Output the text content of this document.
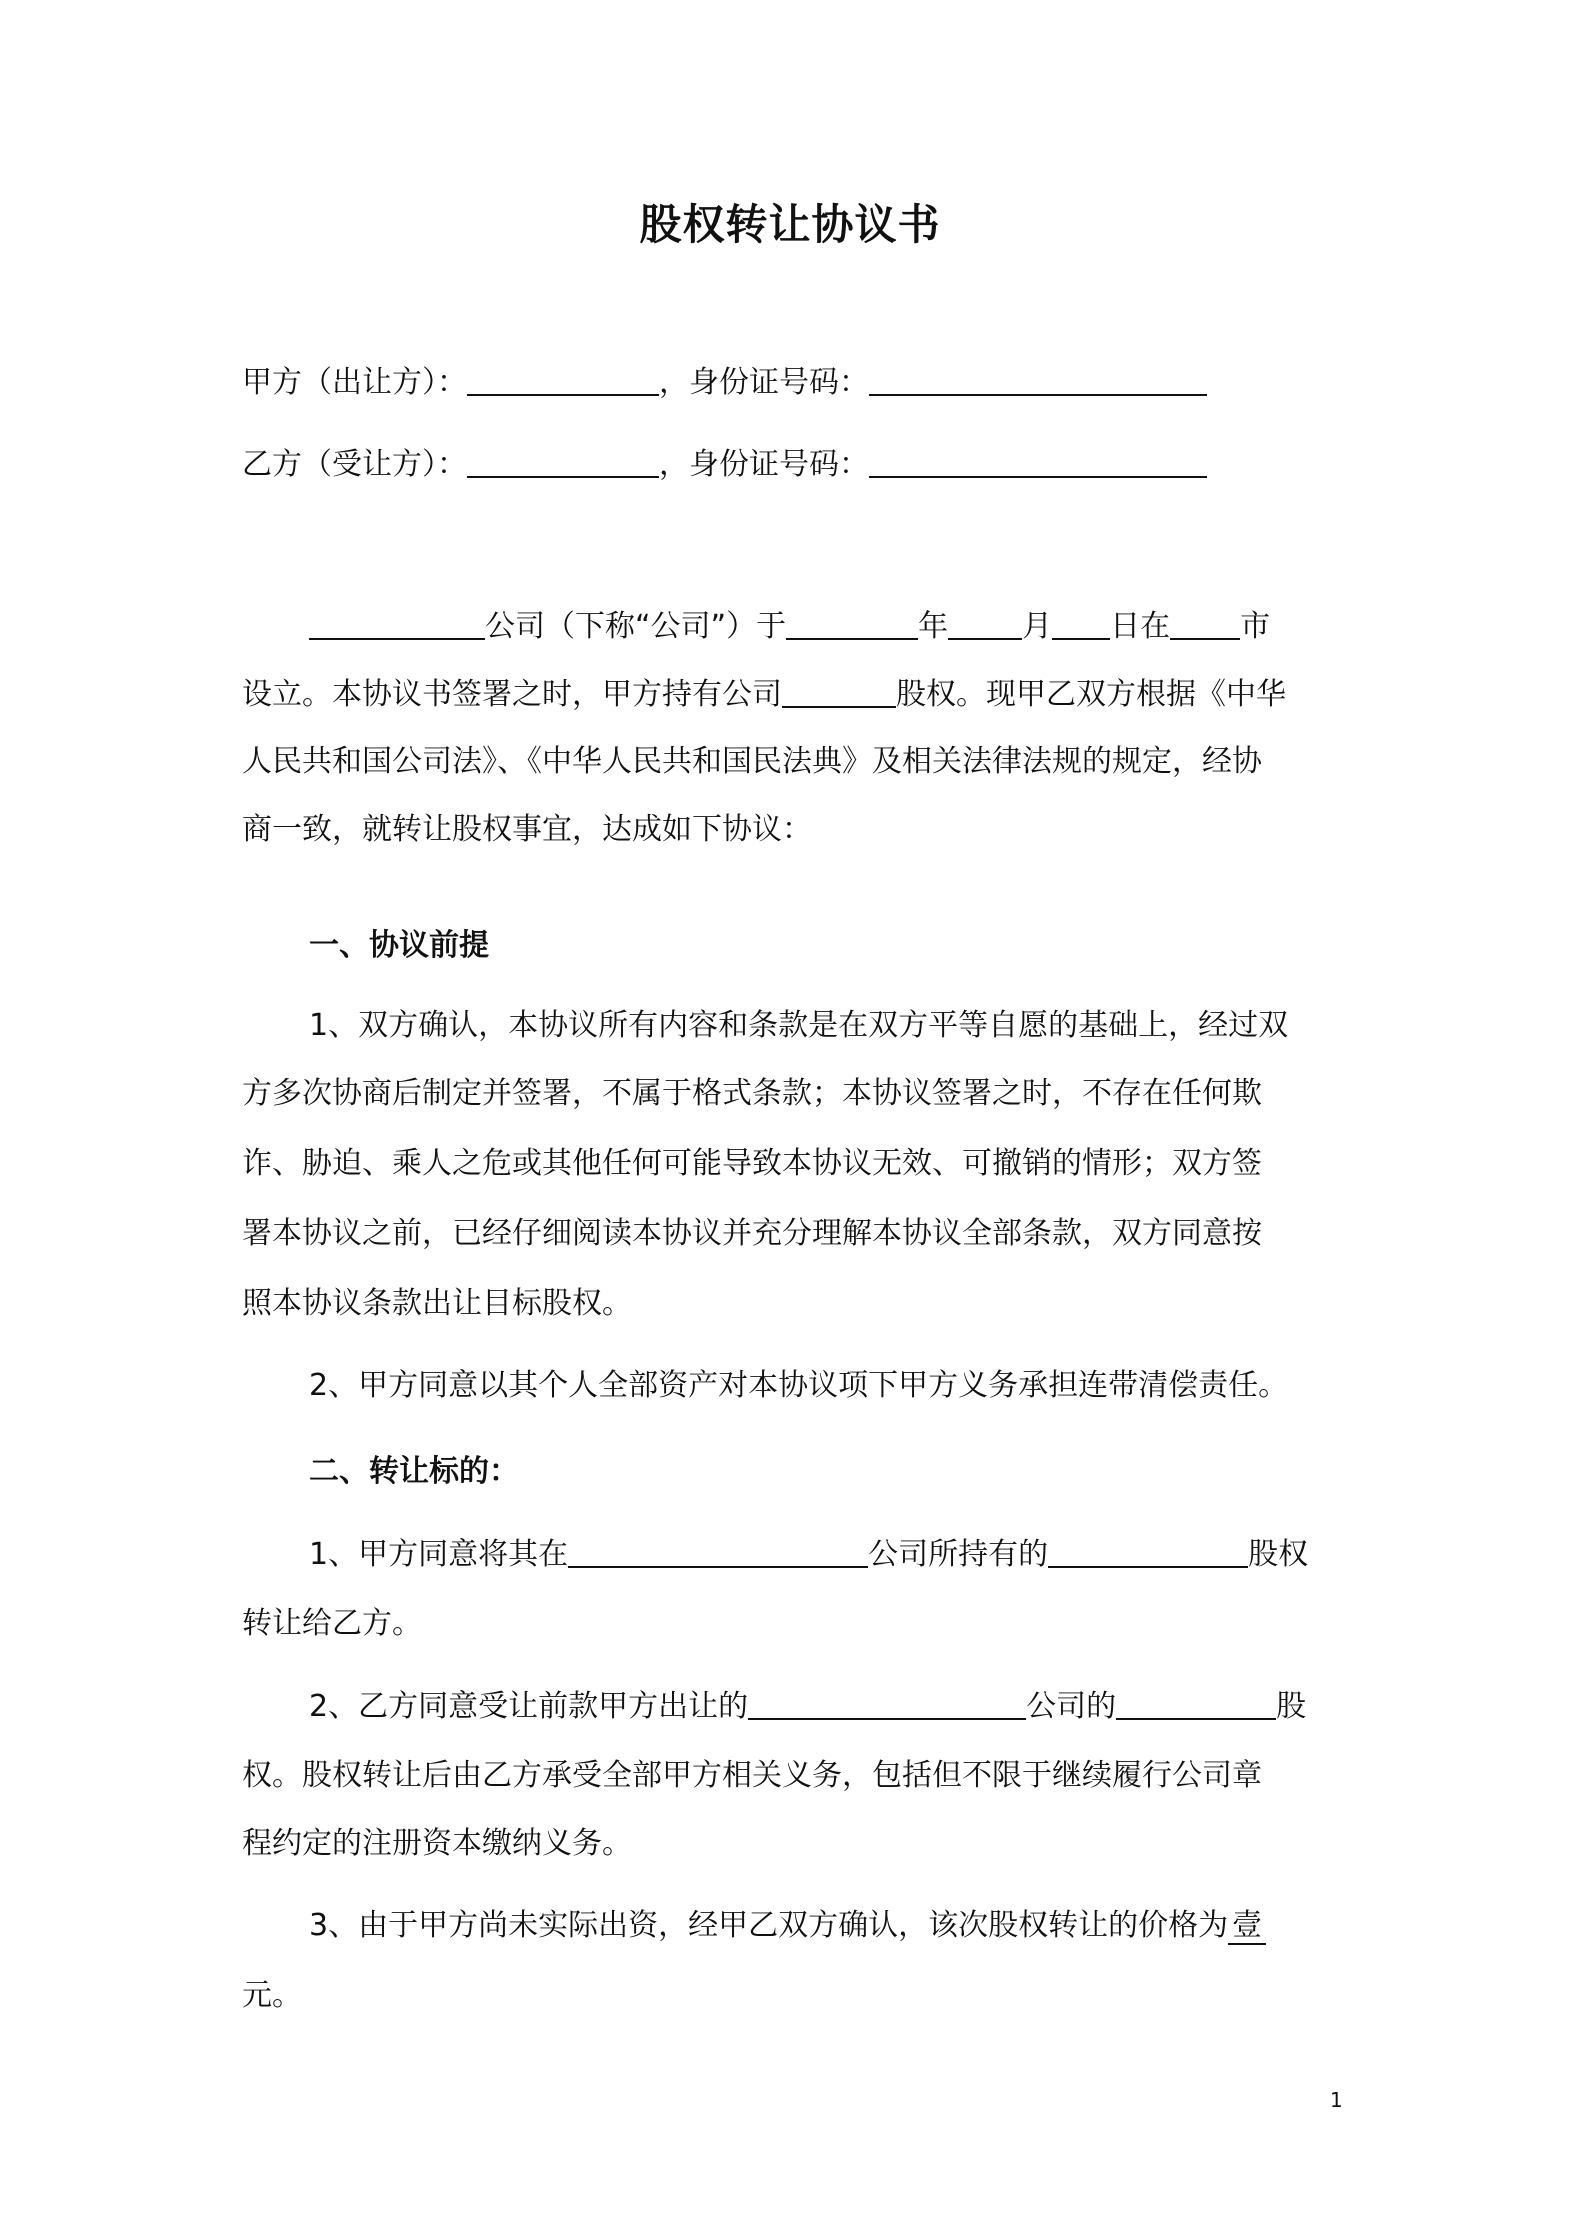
股权转让协议书

甲方（出让方）：	，身份证号码：

乙方（受让方）：	，身份证号码：

公司（下称“公司”）于	年 月 日在 市

设立。本协议书签署之时，甲方持有公司	股权。现甲乙双方根据《中华

人民共和国公司法》、《中华人民共和国民法典》及相关法律法规的规定，经协

商一致，就转让股权事宜，达成如下协议：

一、协议前提

1、双方确认，本协议所有内容和条款是在双方平等自愿的基础上，经过双

方多次协商后制定并签署，不属于格式条款；本协议签署之时，不存在任何欺

诈、胁迫、乘人之危或其他任何可能导致本协议无效、可撤销的情形；双方签

署本协议之前，已经仔细阅读本协议并充分理解本协议全部条款，双方同意按

照本协议条款出让目标股权。

2、甲方同意以其个人全部资产对本协议项下甲方义务承担连带清偿责任。

二、转让标的：

1、甲方同意将其在	公司所持有的	股权

转让给乙方。

2、乙方同意受让前款甲方出让的	公司的	股

权。股权转让后由乙方承受全部甲方相关义务，包括但不限于继续履行公司章

程约定的注册资本缴纳义务。

3、由于甲方尚未实际出资，经甲乙双方确认，该次股权转让的价格为 壹

元。

1
